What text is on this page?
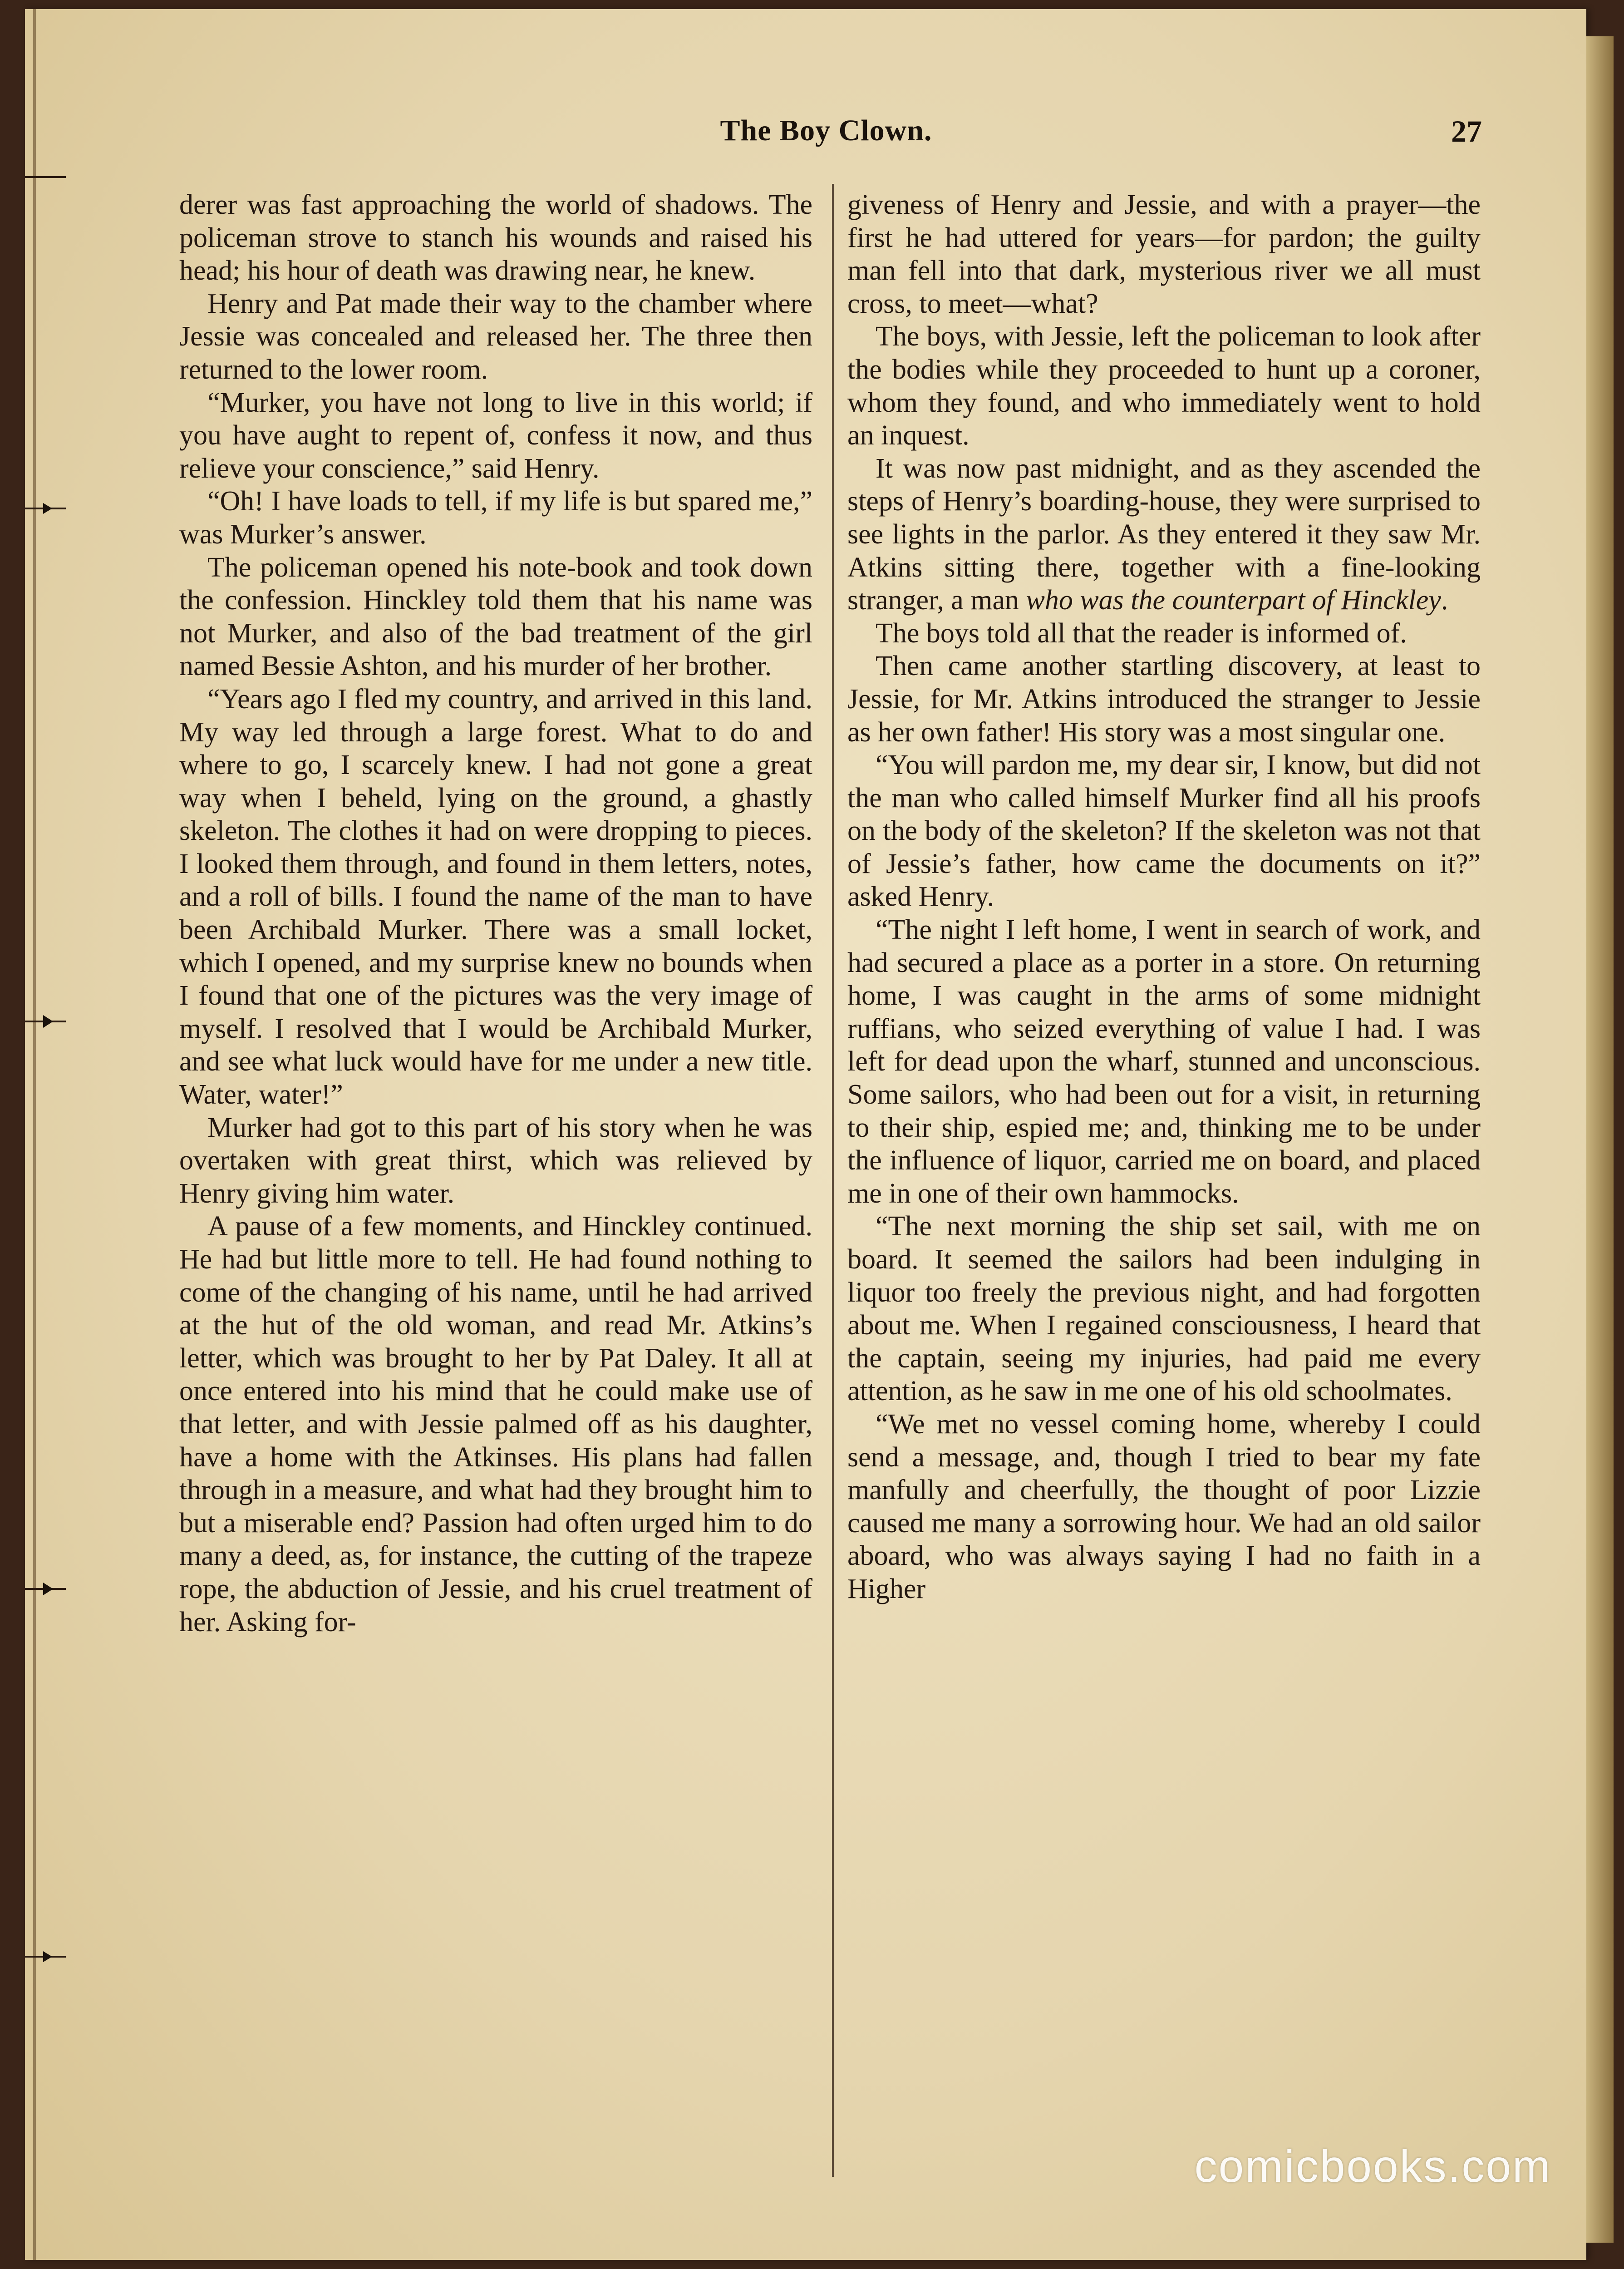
The Boy Clown.	27

derer was fast approaching the world of shadows. The policeman strove to stanch his wounds and raised his head; his hour of death was drawing near, he knew.

Henry and Pat made their way to the chamber where Jessie was concealed and released her. The three then returned to the lower room.

“Murker, you have not long to live in this world; if you have aught to repent of, confess it now, and thus relieve your conscience,” said Henry.

“Oh! I have loads to tell, if my life is but spared me,” was Murker’s answer.

The policeman opened his note-book and took down the confession. Hinckley told them that his name was not Murker, and also of the bad treatment of the girl named Bessie Ashton, and his murder of her brother.

“Years ago I fled my country, and arrived in this land. My way led through a large forest. What to do and where to go, I scarcely knew. I had not gone a great way when I beheld, lying on the ground, a ghastly skeleton. The clothes it had on were dropping to pieces. I looked them through, and found in them letters, notes, and a roll of bills. I found the name of the man to have been Archibald Murker. There was a small locket, which I opened, and my surprise knew no bounds when I found that one of the pictures was the very image of myself. I resolved that I would be Archibald Murker, and see what luck would have for me under a new title. Water, water!”

Murker had got to this part of his story when he was overtaken with great thirst, which was relieved by Henry giving him water.

A pause of a few moments, and Hinckley continued. He had but little more to tell. He had found nothing to come of the changing of his name, until he had arrived at the hut of the old woman, and read Mr. Atkins’s letter, which was brought to her by Pat Daley. It all at once entered into his mind that he could make use of that letter, and with Jessie palmed off as his daughter, have a home with the Atkinses. His plans had fallen through in a measure, and what had they brought him to but a miserable end? Passion had often urged him to do many a deed, as, for instance, the cutting of the trapeze rope, the abduction of Jessie, and his cruel treatment of her. Asking for-

giveness of Henry and Jessie, and with a prayer—the first he had uttered for years—for pardon; the guilty man fell into that dark, mysterious river we all must cross, to meet—what?

The boys, with Jessie, left the policeman to look after the bodies while they proceeded to hunt up a coroner, whom they found, and who immediately went to hold an inquest.

It was now past midnight, and as they ascended the steps of Henry’s boarding-house, they were surprised to see lights in the parlor. As they entered it they saw Mr. Atkins sitting there, together with a fine-looking stranger, a man who was the counterpart of Hinckley.

The boys told all that the reader is informed of.

Then came another startling discovery, at least to Jessie, for Mr. Atkins introduced the stranger to Jessie as her own father! His story was a most singular one.

“You will pardon me, my dear sir, I know, but did not the man who called himself Murker find all his proofs on the body of the skeleton? If the skeleton was not that of Jessie’s father, how came the documents on it?” asked Henry.

“The night I left home, I went in search of work, and had secured a place as a porter in a store. On returning home, I was caught in the arms of some midnight ruffians, who seized everything of value I had. I was left for dead upon the wharf, stunned and unconscious. Some sailors, who had been out for a visit, in returning to their ship, espied me; and, thinking me to be under the influence of liquor, carried me on board, and placed me in one of their own hammocks.

“The next morning the ship set sail, with me on board. It seemed the sailors had been indulging in liquor too freely the previous night, and had forgotten about me. When I regained consciousness, I heard that the captain, seeing my injuries, had paid me every attention, as he saw in me one of his old schoolmates.

“We met no vessel coming home, whereby I could send a message, and, though I tried to bear my fate manfully and cheerfully, the thought of poor Lizzie caused me many a sorrowing hour. We had an old sailor aboard, who was always saying I had no faith in a Higher

comicbooks.com
